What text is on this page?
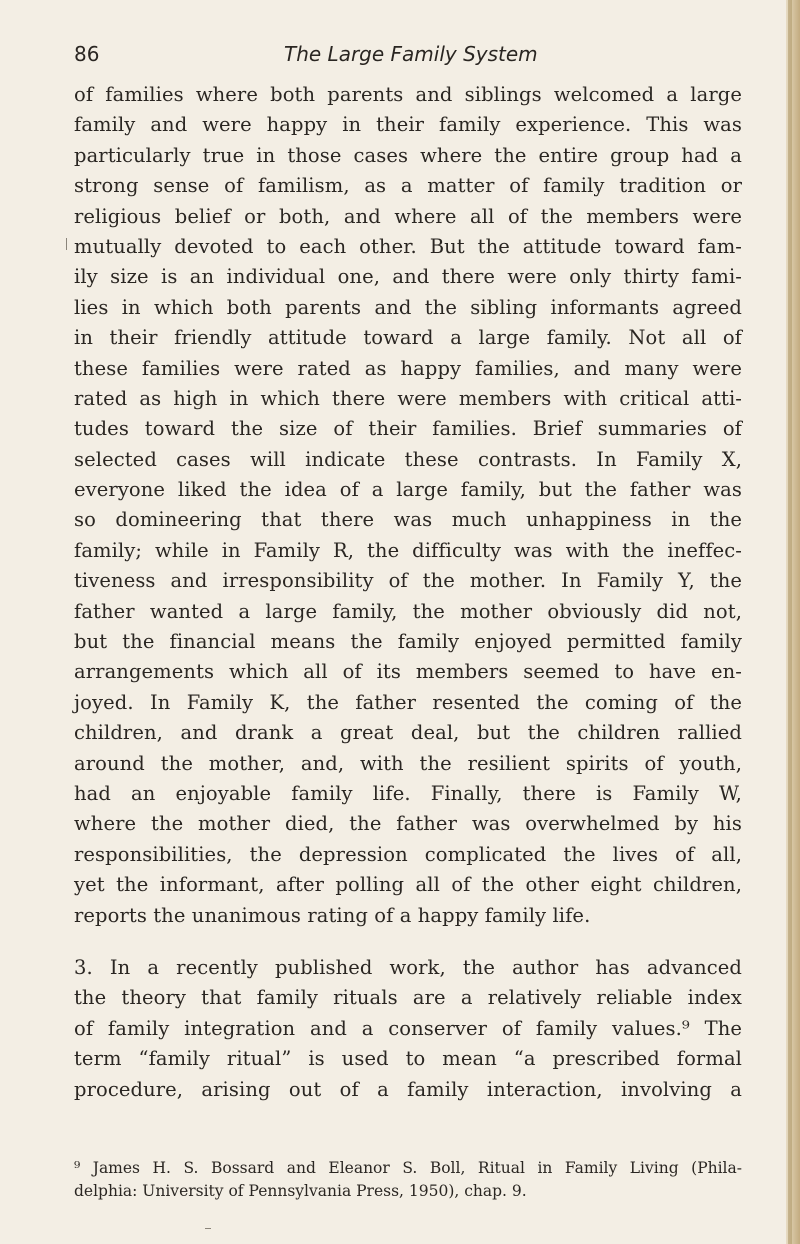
86	The Large Family System
of families where both parents and siblings welcomed a large
family and were happy in their family experience. This was
particularly true in those cases where the entire group had a
strong sense of familism, as a matter of family tradition or
religious belief or both, and where all of the members were
mutually devoted to each other. But the attitude toward fam-
ily size is an individual one, and there were only thirty fami-
lies in which both parents and the sibling informants agreed
in their friendly attitude toward a large family. Not all of
these families were rated as happy families, and many were
rated as high in which there were members with critical atti-
tudes toward the size of their families. Brief summaries of
selected cases will indicate these contrasts. In Family X,
everyone liked the idea of a large family, but the father was
so domineering that there was much unhappiness in the
family; while in Family R, the difficulty was with the ineffec-
tiveness and irresponsibility of the mother. In Family Y, the
father wanted a large family, the mother obviously did not,
but the financial means the family enjoyed permitted family
arrangements which all of its members seemed to have en-
joyed. In Family K, the father resented the coming of the
children, and drank a great deal, but the children rallied
around the mother, and, with the resilient spirits of youth,
had an enjoyable family life. Finally, there is Family W,
where the mother died, the father was overwhelmed by his
responsibilities, the depression complicated the lives of all,
yet the informant, after polling all of the other eight children,
reports the unanimous rating of a happy family life.
3. In a recently published work, the author has advanced
the theory that family rituals are a relatively reliable index
of family integration and a conserver of family values.⁹ The
term “family ritual” is used to mean “a prescribed formal
procedure, arising out of a family interaction, involving a
⁹ James H. S. Bossard and Eleanor S. Boll, Ritual in Family Living (Phila-
delphia: University of Pennsylvania Press, 1950), chap. 9.
